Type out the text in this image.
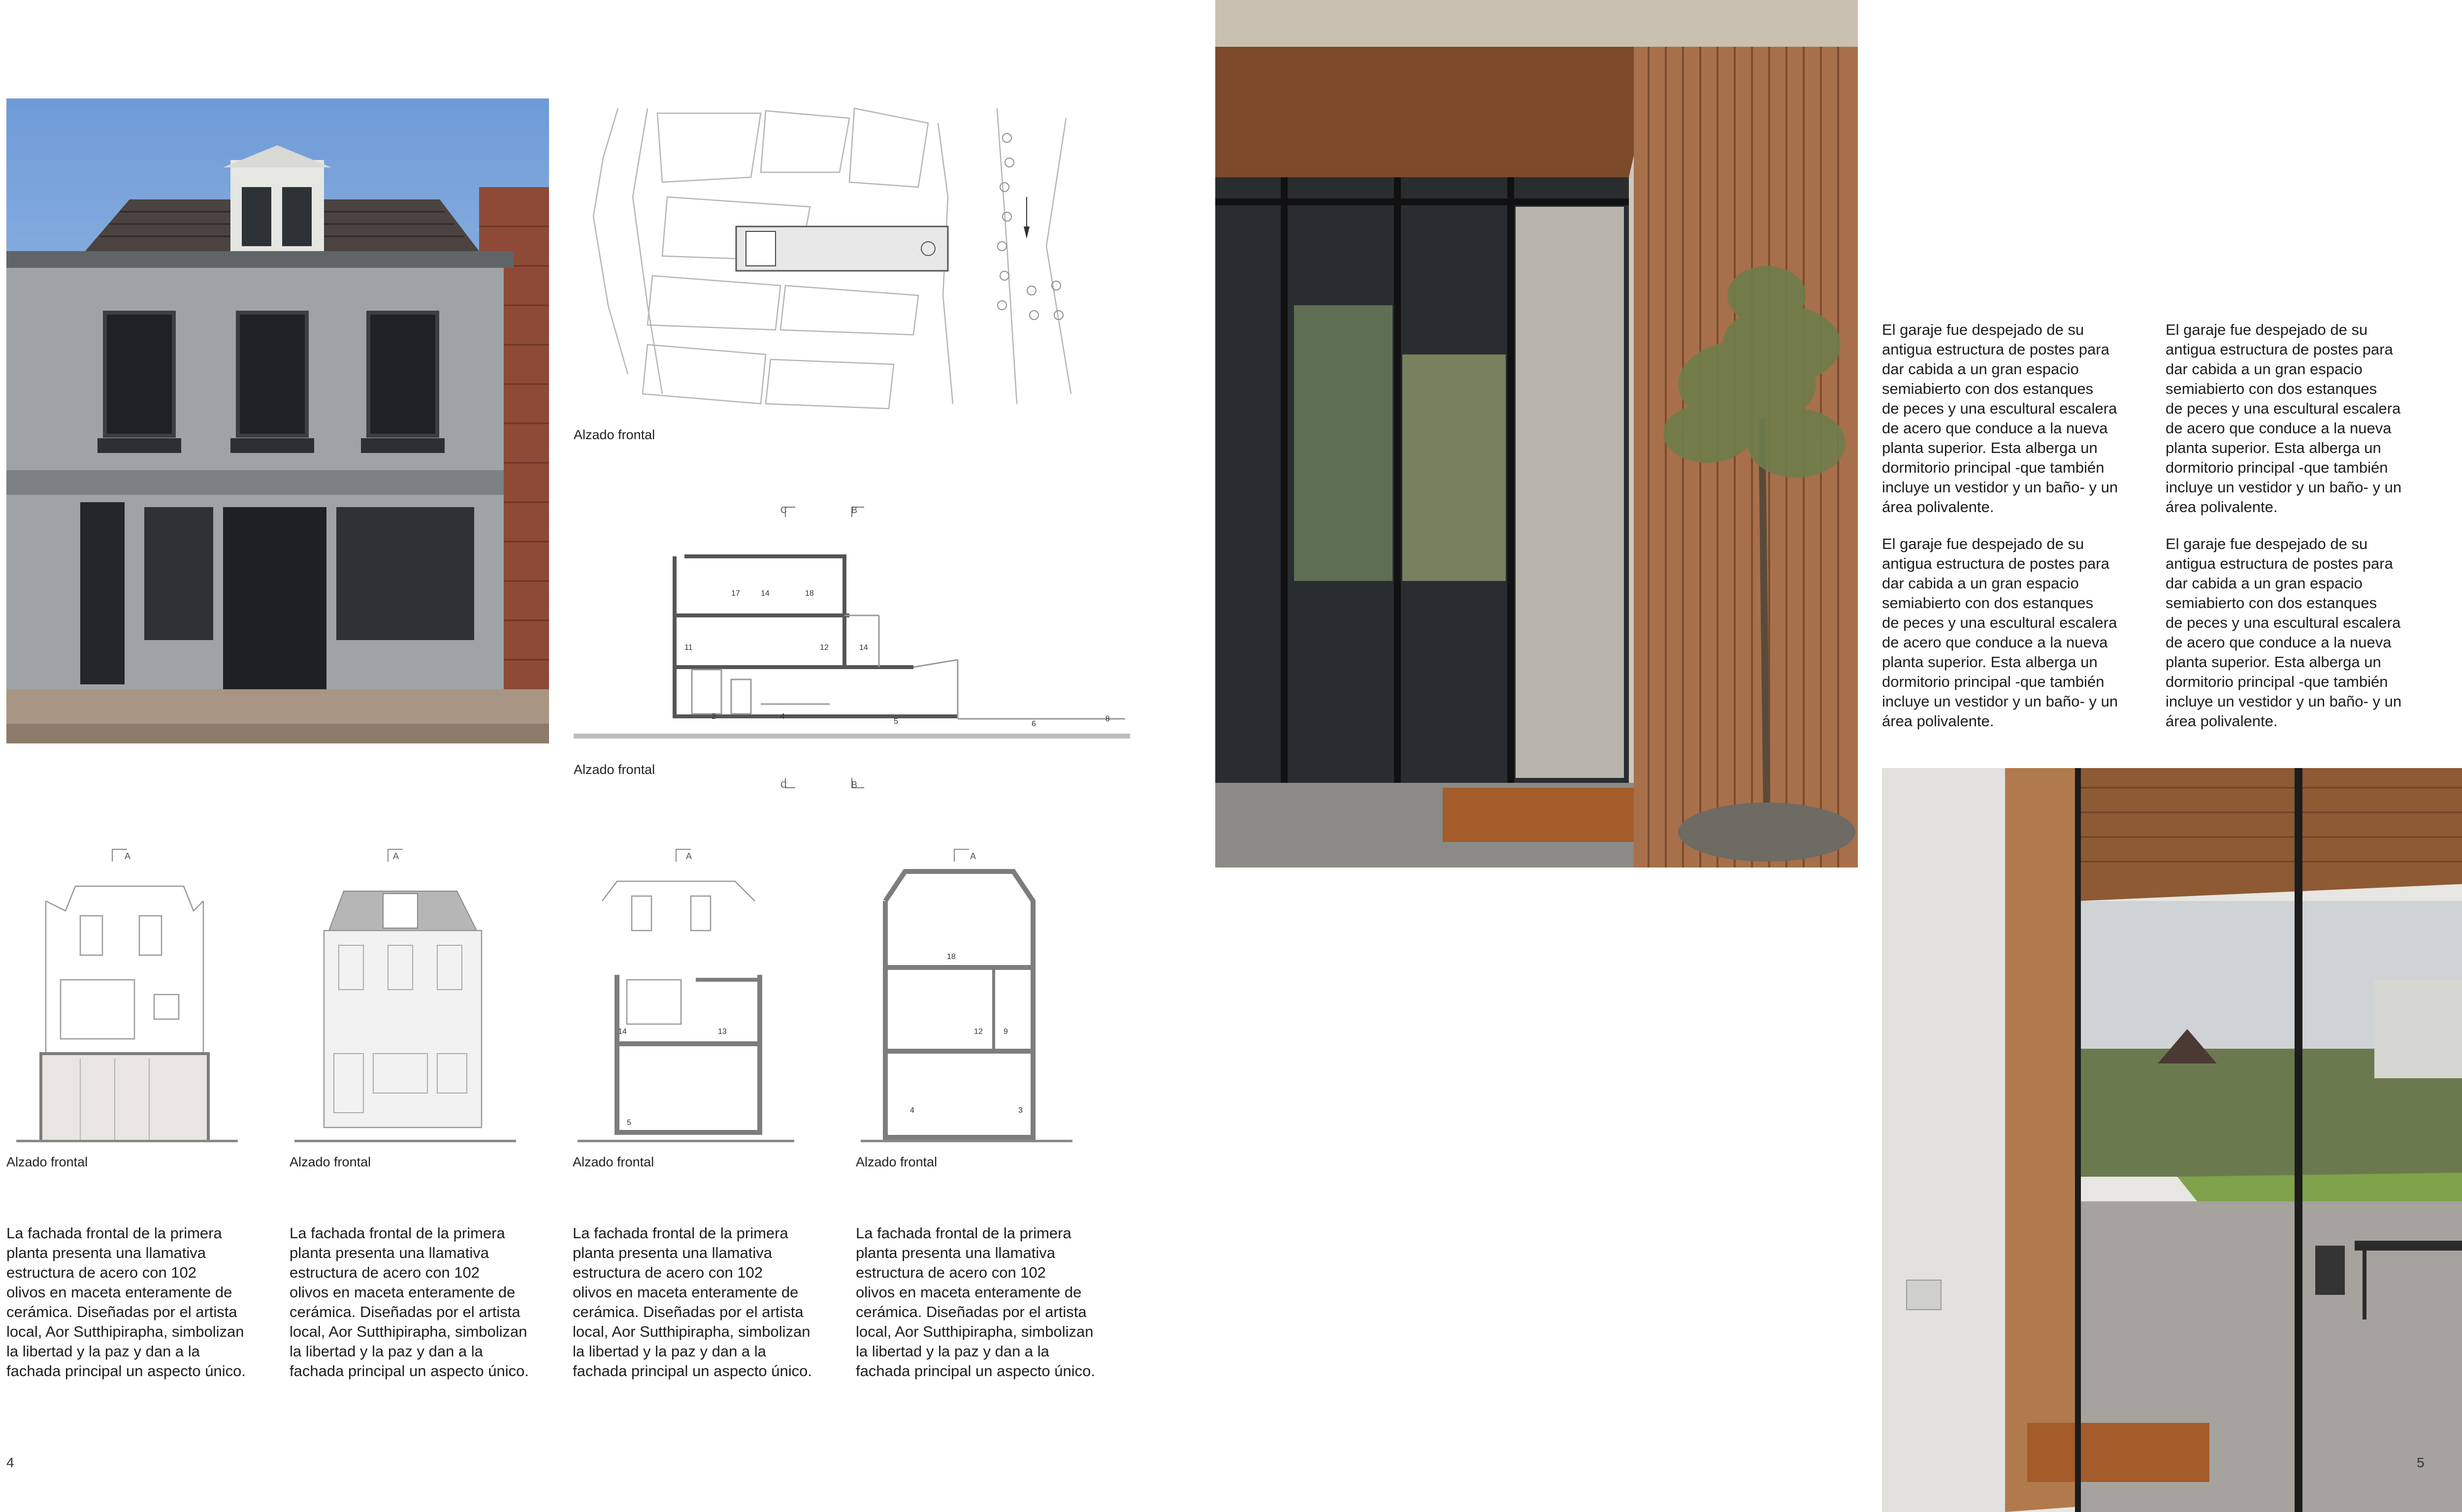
Alzado frontal
C	B
C	B
17	14	18
11	12	14
2	4
5	6
8
Alzado frontal
A
Alzado frontal
La fachada frontal de la primera
planta presenta una llamativa
estructura de acero con 102
olivos en maceta enteramente de
cerámica. Diseñadas por el artista
local, Aor Sutthipirapha, simbolizan
la libertad y la paz y dan a la
fachada principal un aspecto único.
A
Alzado frontal
La fachada frontal de la primera
planta presenta una llamativa
estructura de acero con 102
olivos en maceta enteramente de
cerámica. Diseñadas por el artista
local, Aor Sutthipirapha, simbolizan
la libertad y la paz y dan a la
fachada principal un aspecto único.
A
14	13
5
Alzado frontal
La fachada frontal de la primera
planta presenta una llamativa
estructura de acero con 102
olivos en maceta enteramente de
cerámica. Diseñadas por el artista
local, Aor Sutthipirapha, simbolizan
la libertad y la paz y dan a la
fachada principal un aspecto único.
A
18
12	9
4	3
Alzado frontal
La fachada frontal de la primera
planta presenta una llamativa
estructura de acero con 102
olivos en maceta enteramente de
cerámica. Diseñadas por el artista
local, Aor Sutthipirapha, simbolizan
la libertad y la paz y dan a la
fachada principal un aspecto único.
4
El garaje fue despejado de su
antigua estructura de postes para
dar cabida a un gran espacio
semiabierto con dos estanques
de peces y una escultural escalera
de acero que conduce a la nueva
planta superior. Esta alberga un
dormitorio principal -que también
incluye un vestidor y un baño- y un
área polivalente.
El garaje fue despejado de su
antigua estructura de postes para
dar cabida a un gran espacio
semiabierto con dos estanques
de peces y una escultural escalera
de acero que conduce a la nueva
planta superior. Esta alberga un
dormitorio principal -que también
incluye un vestidor y un baño- y un
área polivalente.
El garaje fue despejado de su
antigua estructura de postes para
dar cabida a un gran espacio
semiabierto con dos estanques
de peces y una escultural escalera
de acero que conduce a la nueva
planta superior. Esta alberga un
dormitorio principal -que también
incluye un vestidor y un baño- y un
área polivalente.
El garaje fue despejado de su
antigua estructura de postes para
dar cabida a un gran espacio
semiabierto con dos estanques
de peces y una escultural escalera
de acero que conduce a la nueva
planta superior. Esta alberga un
dormitorio principal -que también
incluye un vestidor y un baño- y un
área polivalente.
5
